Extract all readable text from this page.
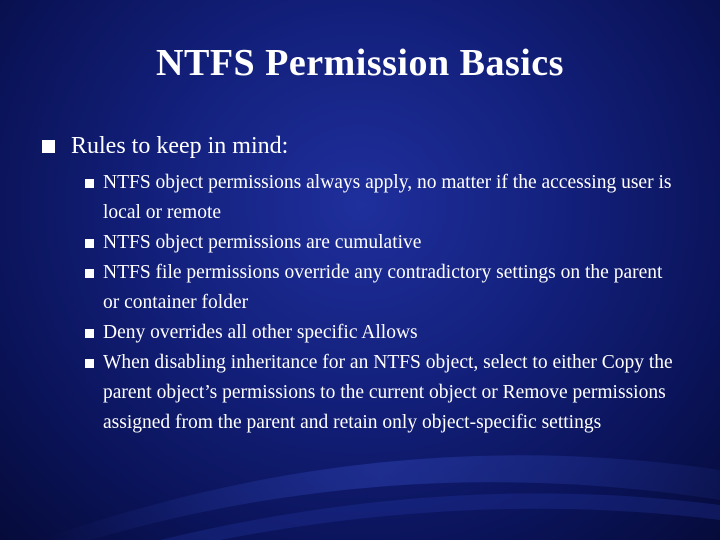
NTFS Permission Basics
Rules to keep in mind:
NTFS object permissions always apply, no matter if the accessing user is local or remote
NTFS object permissions are cumulative
NTFS file permissions override any contradictory settings on the parent or container folder
Deny overrides all other specific Allows
When disabling inheritance for an NTFS object, select to either Copy the parent object’s permissions to the current object or Remove permissions assigned from the parent and retain only object-specific settings
